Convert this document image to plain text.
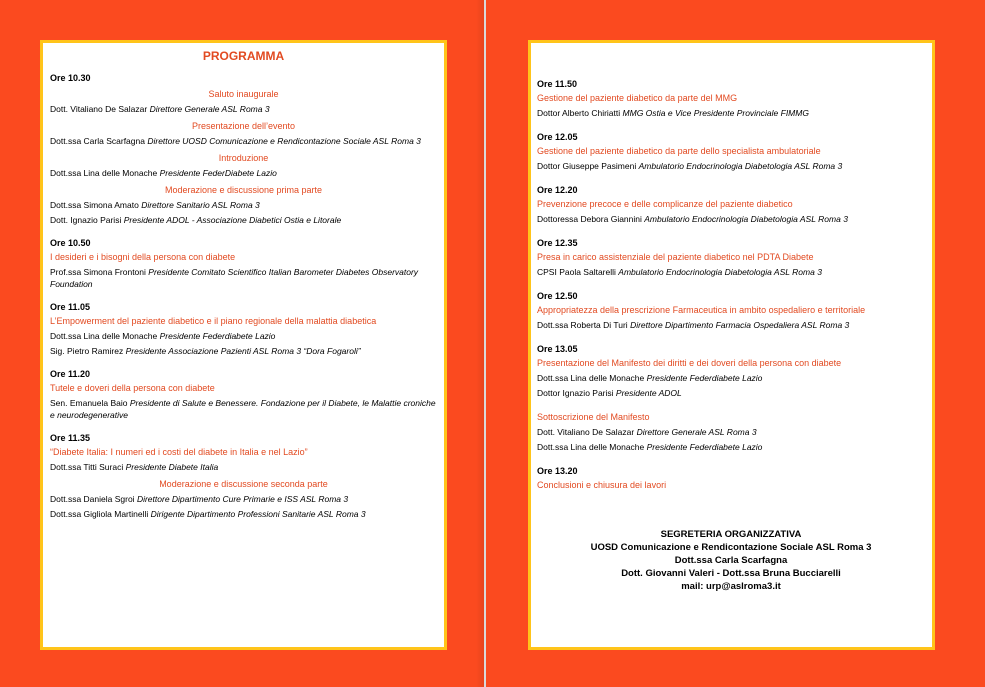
PROGRAMMA
Ore 10.30
Saluto inaugurale
Dott. Vitaliano De Salazar Direttore Generale ASL Roma 3
Presentazione dell’evento
Dott.ssa Carla Scarfagna Direttore UOSD Comunicazione e Rendicontazione Sociale ASL Roma 3
Introduzione
Dott.ssa Lina delle Monache Presidente FederDiabete Lazio
Moderazione e discussione prima parte
Dott.ssa Simona Amato Direttore Sanitario ASL Roma 3
Dott. Ignazio Parisi Presidente ADOL - Associazione Diabetici Ostia e Litorale
Ore 10.50
I desideri e i bisogni della persona con diabete
Prof.ssa Simona Frontoni Presidente Comitato Scientifico Italian Barometer Diabetes Observatory Foundation
Ore 11.05
L’Empowerment del paziente diabetico e il piano regionale della malattia diabetica
Dott.ssa Lina delle Monache Presidente Federdiabete Lazio
Sig. Pietro Ramirez Presidente Associazione Pazienti ASL Roma 3 “Dora Fogaroli”
Ore 11.20
Tutele e doveri della persona con diabete
Sen. Emanuela Baio Presidente di Salute e Benessere. Fondazione per il Diabete, le Malattie croniche e neurodegenerative
Ore 11.35
“Diabete Italia: I numeri ed i costi del diabete in Italia e nel Lazio”
Dott.ssa Titti Suraci Presidente Diabete Italia
Moderazione e discussione seconda parte
Dott.ssa Daniela Sgroi Direttore Dipartimento Cure Primarie e ISS ASL Roma 3
Dott.ssa Gigliola Martinelli Dirigente Dipartimento Professioni Sanitarie ASL Roma 3
Ore 11.50
Gestione del paziente diabetico da parte del MMG
Dottor Alberto Chiriatti MMG Ostia e Vice Presidente Provinciale FIMMG
Ore 12.05
Gestione del paziente diabetico da parte dello specialista ambulatoriale
Dottor Giuseppe Pasimeni Ambulatorio Endocrinologia Diabetologia ASL Roma 3
Ore 12.20
Prevenzione precoce e delle complicanze del paziente diabetico
Dottoressa Debora Giannini Ambulatorio Endocrinologia Diabetologia ASL Roma 3
Ore 12.35
Presa in carico assistenziale del paziente diabetico nel PDTA Diabete
CPSI Paola Saltarelli Ambulatorio Endocrinologia Diabetologia ASL Roma 3
Ore 12.50
Appropriatezza della prescrizione Farmaceutica in ambito ospedaliero e territoriale
Dott.ssa Roberta Di Turi Direttore Dipartimento Farmacia Ospedaliera ASL Roma 3
Ore 13.05
Presentazione del Manifesto dei diritti e dei doveri della persona con diabete
Dott.ssa Lina delle Monache Presidente Federdiabete Lazio
Dottor Ignazio Parisi Presidente ADOL
Sottoscrizione del Manifesto
Dott. Vitaliano De Salazar Direttore Generale ASL Roma 3
Dott.ssa Lina delle Monache Presidente Federdiabete Lazio
Ore 13.20
Conclusioni e chiusura dei lavori
SEGRETERIA ORGANIZZATIVA
UOSD Comunicazione e Rendicontazione Sociale ASL Roma 3
Dott.ssa Carla Scarfagna
Dott. Giovanni Valeri - Dott.ssa Bruna Bucciarelli
mail: urp@aslroma3.it
